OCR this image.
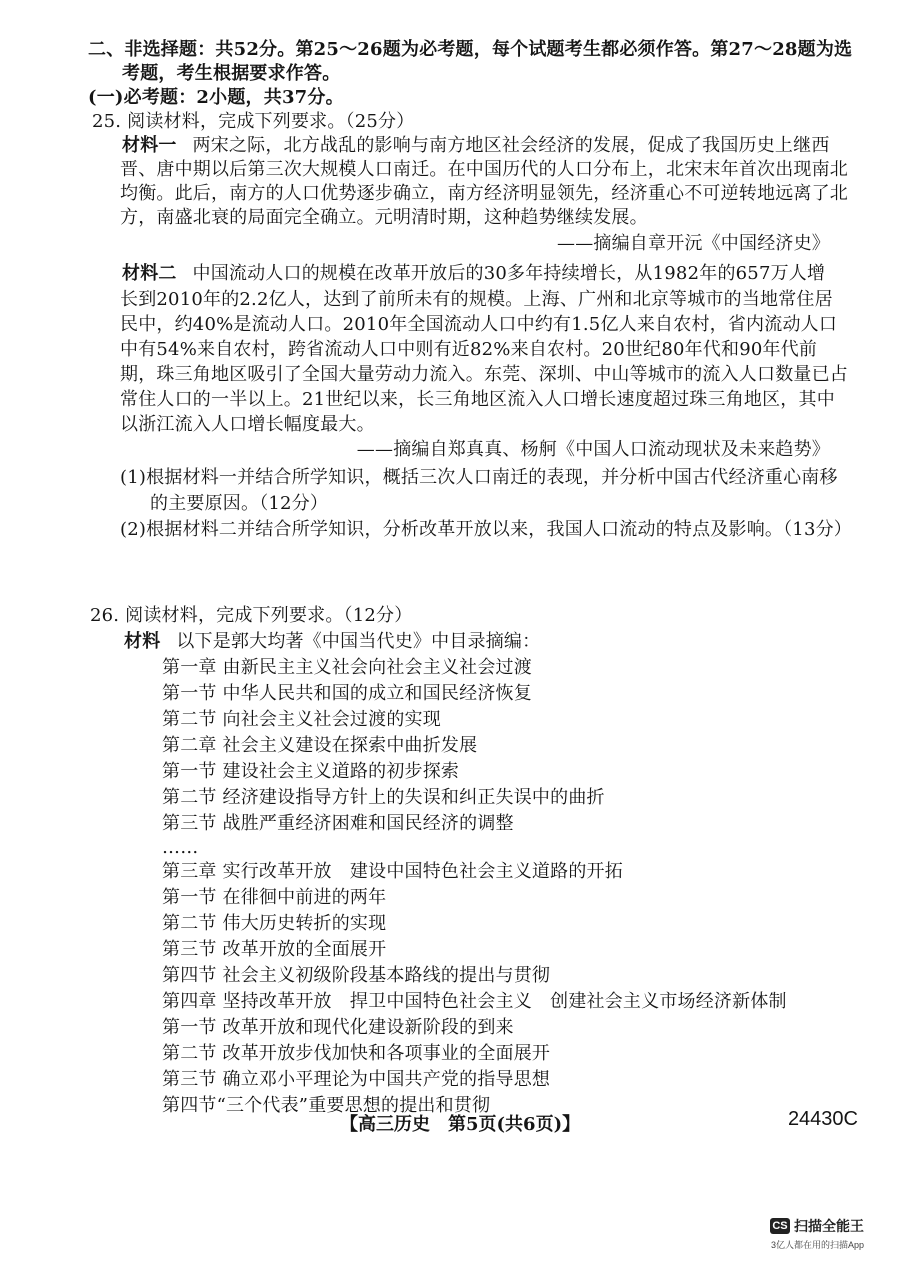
二、非选择题：共52分。第25～26题为必考题，每个试题考生都必须作答。第27～28题为选
考题，考生根据要求作答。
(一)必考题：2小题，共37分。
25. 阅读材料，完成下列要求。（25分）
材料一 两宋之际，北方战乱的影响与南方地区社会经济的发展，促成了我国历史上继西
晋、唐中期以后第三次大规模人口南迁。在中国历代的人口分布上，北宋末年首次出现南北
均衡。此后，南方的人口优势逐步确立，南方经济明显领先，经济重心不可逆转地远离了北
方，南盛北衰的局面完全确立。元明清时期，这种趋势继续发展。
——摘编自章开沅《中国经济史》
材料二 中国流动人口的规模在改革开放后的30多年持续增长，从1982年的657万人增
长到2010年的2.2亿人，达到了前所未有的规模。上海、广州和北京等城市的当地常住居
民中，约40%是流动人口。2010年全国流动人口中约有1.5亿人来自农村，省内流动人口
中有54%来自农村，跨省流动人口中则有近82%来自农村。20世纪80年代和90年代前
期，珠三角地区吸引了全国大量劳动力流入。东莞、深圳、中山等城市的流入人口数量已占
常住人口的一半以上。21世纪以来，长三角地区流入人口增长速度超过珠三角地区，其中
以浙江流入人口增长幅度最大。
——摘编自郑真真、杨舸《中国人口流动现状及未来趋势》
(1)根据材料一并结合所学知识，概括三次人口南迁的表现，并分析中国古代经济重心南移
的主要原因。（12分）
(2)根据材料二并结合所学知识，分析改革开放以来，我国人口流动的特点及影响。（13分）
26. 阅读材料，完成下列要求。（12分）
材料 以下是郭大均著《中国当代史》中目录摘编：
第一章 由新民主主义社会向社会主义社会过渡
第一节 中华人民共和国的成立和国民经济恢复
第二节 向社会主义社会过渡的实现
第二章 社会主义建设在探索中曲折发展
第一节 建设社会主义道路的初步探索
第二节 经济建设指导方针上的失误和纠正失误中的曲折
第三节 战胜严重经济困难和国民经济的调整
……
第三章 实行改革开放　建设中国特色社会主义道路的开拓
第一节 在徘徊中前进的两年
第二节 伟大历史转折的实现
第三节 改革开放的全面展开
第四节 社会主义初级阶段基本路线的提出与贯彻
第四章 坚持改革开放　捍卫中国特色社会主义　创建社会主义市场经济新体制
第一节 改革开放和现代化建设新阶段的到来
第二节 改革开放步伐加快和各项事业的全面展开
第三节 确立邓小平理论为中国共产党的指导思想
第四节“三个代表”重要思想的提出和贯彻
【高三历史　第5页(共6页)】	24430C
CS 扫描全能王
3亿人都在用的扫描App
